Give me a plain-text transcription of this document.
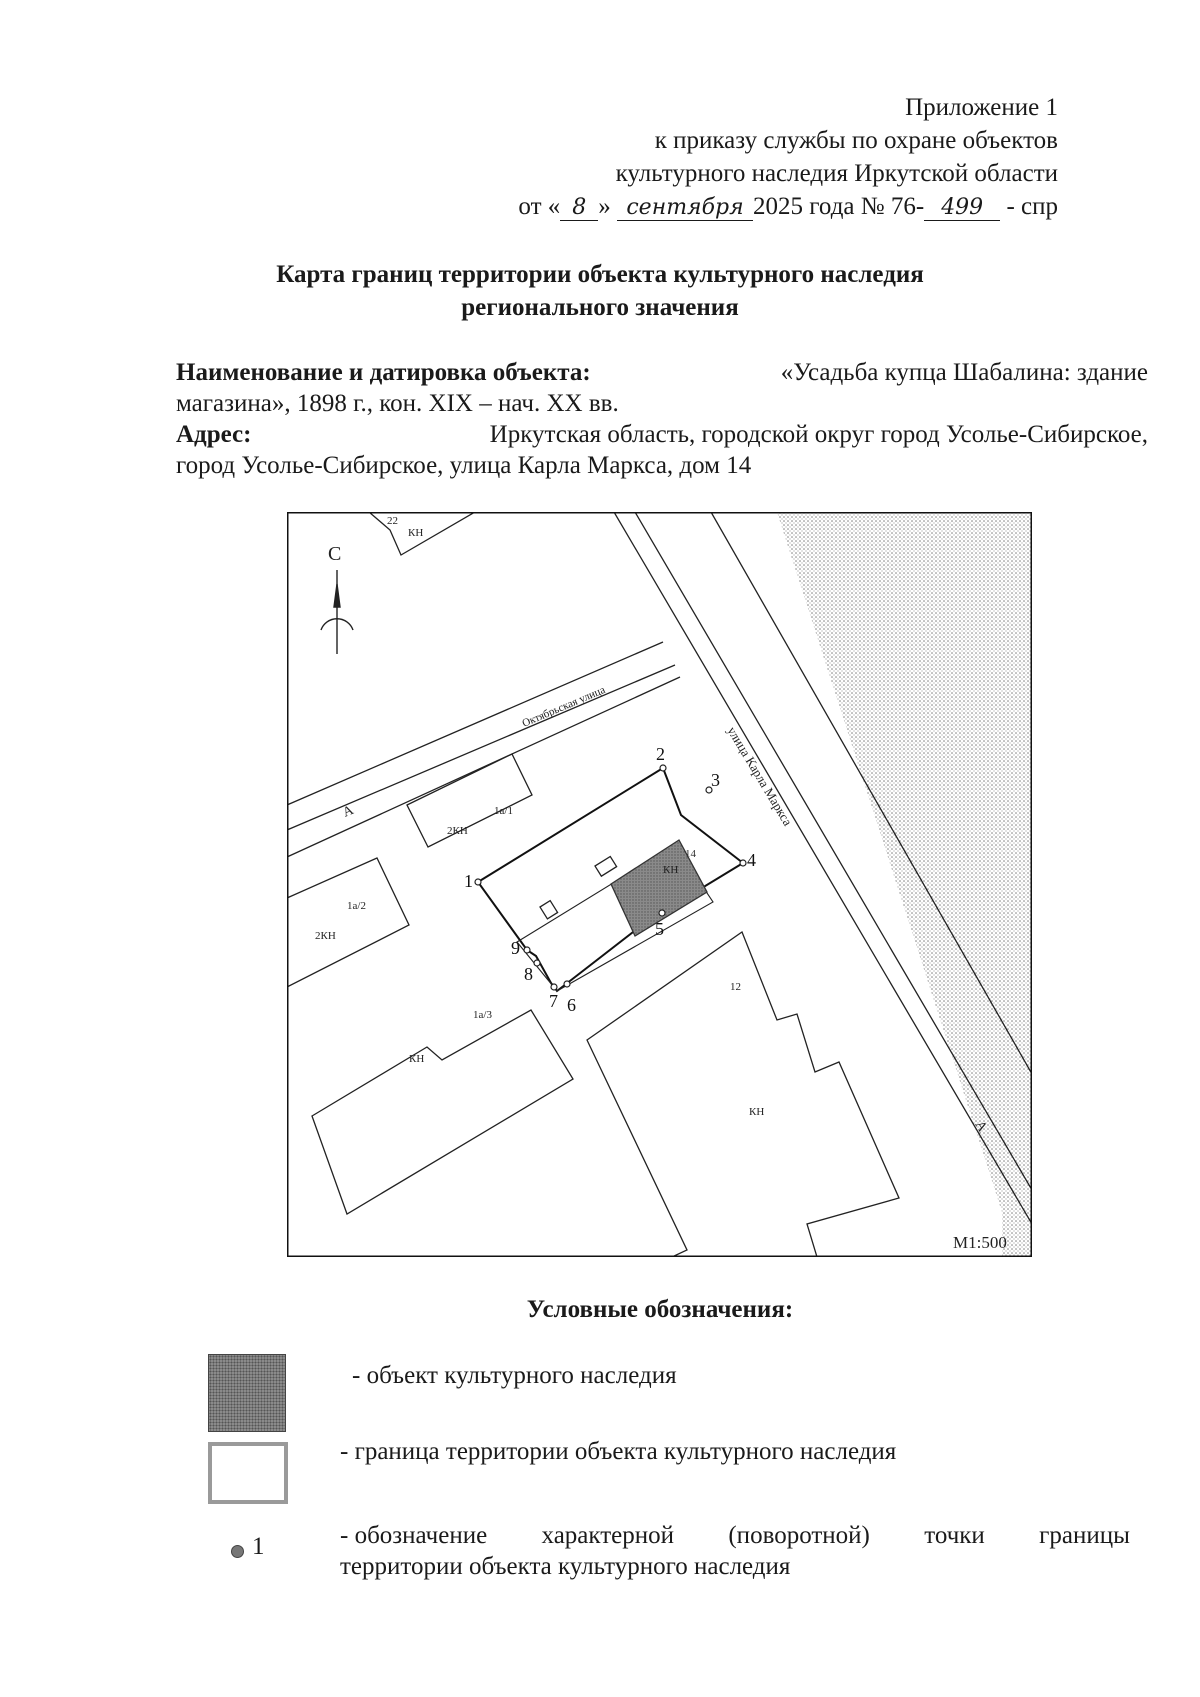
Приложение 1
к приказу службы по охране объектов
культурного наследия Иркутской области
от « 8 » сентября 2025 года № 76- 499 - спр
Карта границ территории объекта культурного наследия
регионального значения
Наименование и датировка объекта:	«Усадьба купца Шабалина: здание
магазина», 1898 г., кон. XIX – нач. XX вв.
Адрес:	Иркутская область, городской округ город Усолье-Сибирское,
город Усолье-Сибирское, улица Карла Маркса, дом 14
С
Октябрьская улица
улица Карла Маркса
А
А
22
КН
1а/1
2КН
1а/2
2КН
1а/3
КН
12
КН
14
КН
1
2
3
4
5
6
7
8
9
М1:500
Условные обозначения:
- объект культурного наследия
- граница территории объекта культурного наследия
1	- обозначение характерной (поворотной) точки границы
территории объекта культурного наследия
